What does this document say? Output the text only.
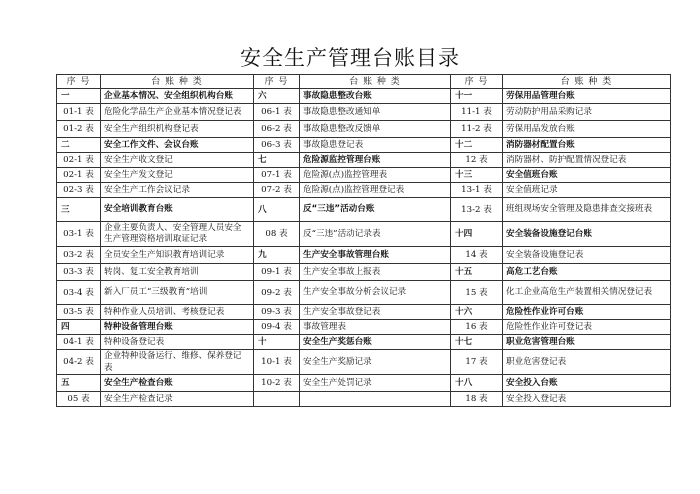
安全生产管理台账目录
序 号	台 账 种 类	序 号	台 账 种 类	序 号	台 账 种 类
一	企业基本情况、安全组织机构台账	六	事故隐患整改台账	十一	劳保用品管理台账
01-1 表	危险化学品生产企业基本情况登记表	06-1 表	事故隐患整改通知单	11-1 表	劳动防护用品采购记录
01-2 表	安全生产组织机构登记表	06-2 表	事故隐患整改反馈单	11-2 表	劳保用品发放台账
二	安全工作文件、会议台账	06-3 表	事故隐患登记表	十二	消防器材配置台账
02-1 表	安全生产收文登记	七	危险源监控管理台账	12 表	消防器材、防护配置情况登记表
02-1 表	安全生产发文登记	07-1 表	危险源(点)监控管理表	十三	安全值班台账
02-3 表	安全生产工作会议记录	07-2 表	危险源(点)监控管理登记表	13-1 表	安全值班记录
三	安全培训教育台账	八	反“三违”活动台账	13-2 表	班组现场安全管理及隐患排查交接班表
03-1 表	企业主要负责人、安全管理人员安全生产管理资格培训取证记录	08 表	反“三违”活动记录表	十四	安全装备设施登记台账
03-2 表	全员安全生产知识教育培训记录	九	生产安全事故管理台账	14 表	安全装备设施登记表
03-3 表	转岗、复工安全教育培训	09-1 表	生产安全事故上报表	十五	高危工艺台账
03-4 表	新入厂员工“三级教育”培训	09-2 表	生产安全事故分析会议记录	15 表	化工企业高危生产装置相关情况登记表
03-5 表	特种作业人员培训、考核登记表	09-3 表	生产安全事故登记表	十六	危险性作业许可台账
四	特种设备管理台账	09-4 表	事故管理表	16 表	危险性作业许可登记表
04-1 表	特种设备登记表	十	安全生产奖惩台账	十七	职业危害管理台账
04-2 表	企业特种设备运行、维修、保养登记表	10-1 表	安全生产奖励记录	17 表	职业危害登记表
五	安全生产检查台账	10-2 表	安全生产处罚记录	十八	安全投入台账
05 表	安全生产检查记录			18 表	安全投入登记表
